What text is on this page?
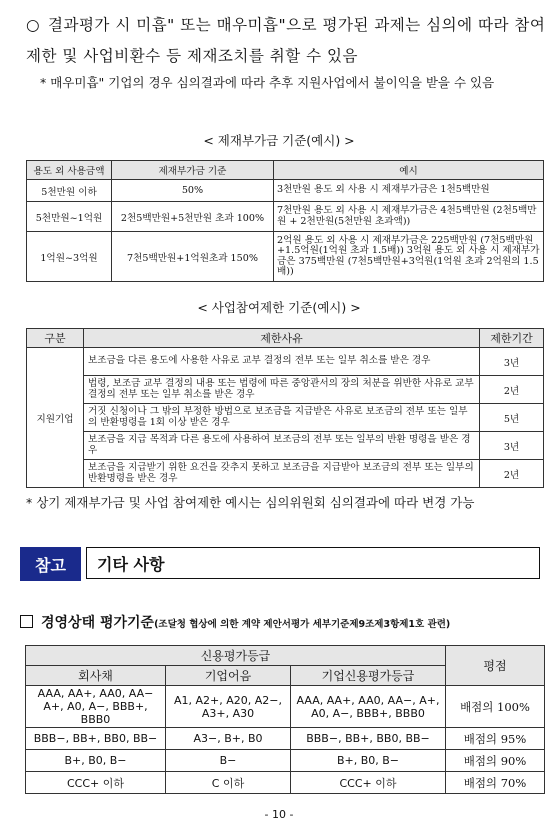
○ 결과평가 시 미흡" 또는 매우미흡"으로 평가된 과제는 심의에 따라 참여제한 및 사업비환수 등 제재조치를 취할 수 있음
* 매우미흡" 기업의 경우 심의결과에 따라 추후 지원사업에서 불이익을 받을 수 있음
< 제재부가금 기준(예시) >
용도 외 사용금액	제재부가금 기준	예시
5천만원 이하	50%	3천만원 용도 외 사용 시 제재부가금은 1천5백만원
5천만원~1억원	2천5백만원+5천만원 초과 100%	7천만원 용도 외 사용 시 제재부가금은 4천5백만원 (2천5백만원 + 2천만원(5천만원 초과액))
1억원~3억원	7천5백만원+1억원초과 150%	2억원 용도 외 사용 시 제재부가금은 225백만원 (7천5백만원+1.5억원(1억원 초과 1.5배)) 3억원 용도 외 사용 시 제재부가금은 375백만원 (7천5백만원+3억원(1억원 초과 2억원의 1.5배))
< 사업참여제한 기준(예시) >
구분	제한사유	제한기간
지원기업	보조금을 다른 용도에 사용한 사유로 교부 결정의 전부 또는 일부 취소를 받은 경우	3년
	법령, 보조금 교부 결정의 내용 또는 법령에 따른 중앙관서의 장의 처분을 위반한 사유로 교부 결정의 전부 또는 일부 취소를 받은 경우	2년
	거짓 신청이나 그 밖의 부정한 방법으로 보조금을 지급받은 사유로 보조금의 전부 또는 일부의 반환명령을 1회 이상 받은 경우	5년
	보조금을 지급 목적과 다른 용도에 사용하여 보조금의 전부 또는 일부의 반환 명령을 받은 경우	3년
	보조금을 지급받기 위한 요건을 갖추지 못하고 보조금을 지급받아 보조금의 전부 또는 일부의 반환명령을 받은 경우	2년
* 상기 제재부가금 및 사업 참여제한 예시는 심의위원회 심의결과에 따라 변경 가능
참고	기타 사항
경영상태 평가기준(조달청 협상에 의한 계약 제안서평가 세부기준제9조제3항제1호 관련)
신용평가등급			평점
회사채	기업어음	기업신용평가등급	
AAA, AA+, AA0, AA− A+, A0, A−, BBB+, BBB0	A1, A2+, A20, A2−, A3+, A30	AAA, AA+, AA0, AA−, A+, A0, A−, BBB+, BBB0	배점의 100%
BBB−, BB+, BB0, BB−	A3−, B+, B0	BBB−, BB+, BB0, BB−	배점의 95%
B+, B0, B−	B−	B+, B0, B−	배점의 90%
CCC+ 이하	C 이하	CCC+ 이하	배점의 70%
- 10 -
